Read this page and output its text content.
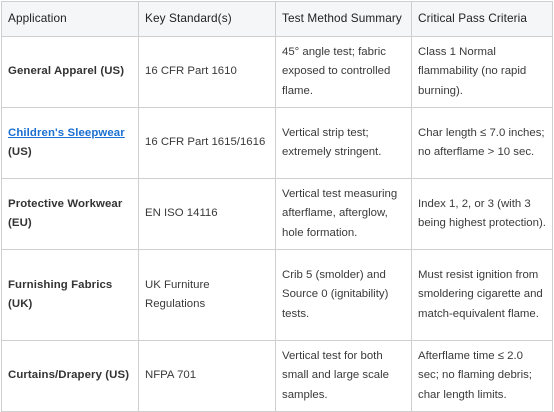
Application	Key Standard(s)	Test Method Summary	Critical Pass Criteria
General Apparel (US)	16 CFR Part 1610	45° angle test; fabric exposed to controlled flame.	Class 1 Normal flammability (no rapid burning).
Children's Sleepwear (US)	16 CFR Part 1615/1616	Vertical strip test; extremely stringent.	Char length ≤ 7.0 inches; no afterflame > 10 sec.
Protective Workwear (EU)	EN ISO 14116	Vertical test measuring afterflame, afterglow, hole formation.	Index 1, 2, or 3 (with 3 being highest protection).
Furnishing Fabrics (UK)	UK Furniture Regulations	Crib 5 (smolder) and Source 0 (ignitability) tests.	Must resist ignition from smoldering cigarette and match-equivalent flame.
Curtains/Drapery (US)	NFPA 701	Vertical test for both small and large scale samples.	Afterflame time ≤ 2.0 sec; no flaming debris; char length limits.
